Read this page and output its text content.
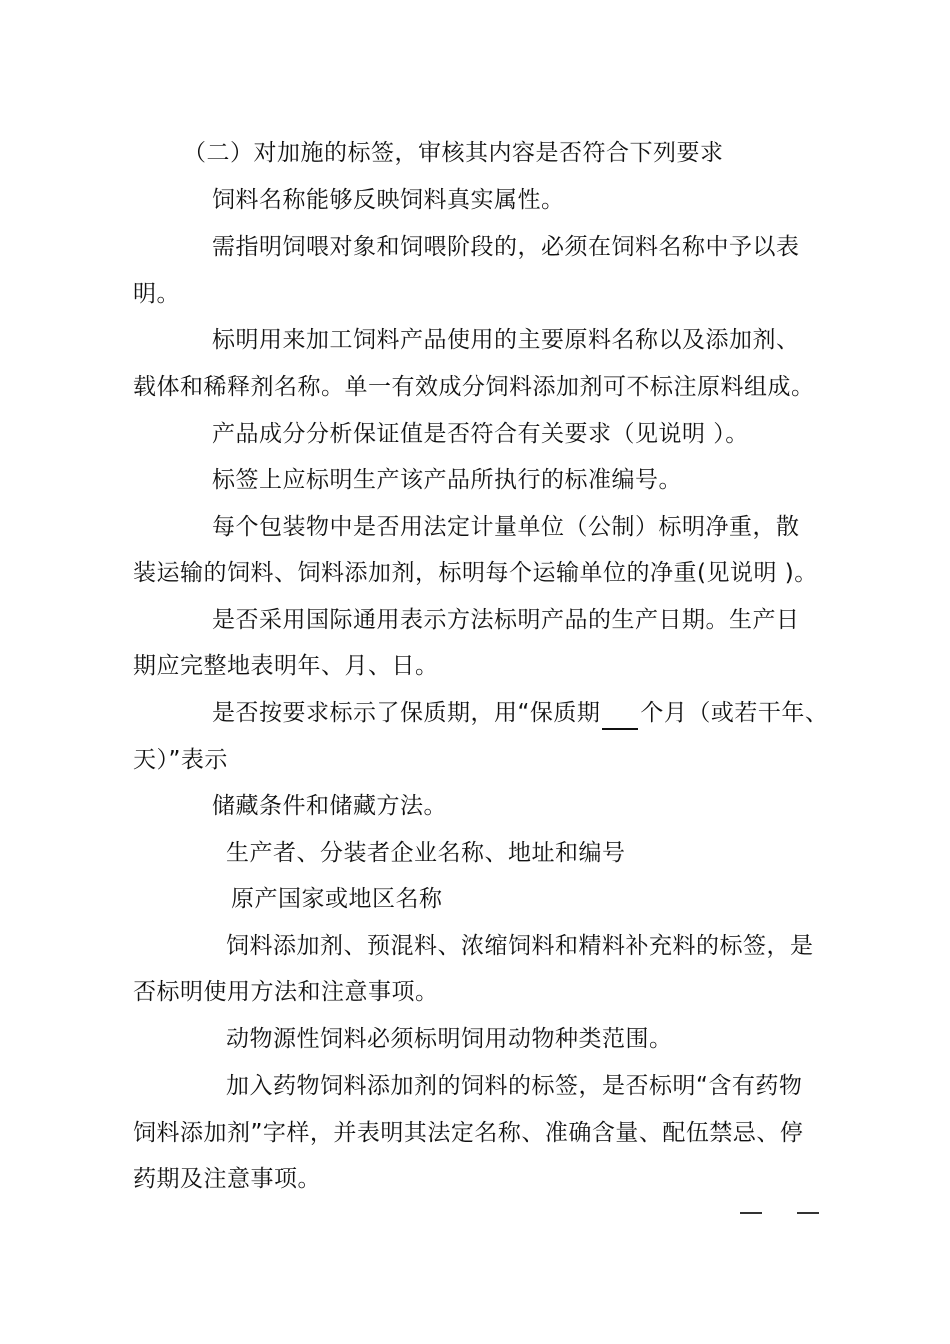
（二）对加施的标签，审核其内容是否符合下列要求
饲料名称能够反映饲料真实属性。
需指明饲喂对象和饲喂阶段的，必须在饲料名称中予以表
明。
标明用来加工饲料产品使用的主要原料名称以及添加剂、
载体和稀释剂名称。单一有效成分饲料添加剂可不标注原料组成。
产品成分分析保证值是否符合有关要求（见说明 ）。
标签上应标明生产该产品所执行的标准编号。
每个包装物中是否用法定计量单位（公制）标明净重，散
装运输的饲料、饲料添加剂，标明每个运输单位的净重(见说明 )。
是否采用国际通用表示方法标明产品的生产日期。生产日
期应完整地表明年、月、日。
是否按要求标示了保质期，用“保质期 个月（或若干年、
天）”表示
储藏条件和储藏方法。
生产者、分装者企业名称、地址和编号
原产国家或地区名称
饲料添加剂、预混料、浓缩饲料和精料补充料的标签，是
否标明使用方法和注意事项。
动物源性饲料必须标明饲用动物种类范围。
加入药物饲料添加剂的饲料的标签，是否标明“含有药物
饲料添加剂”字样，并表明其法定名称、准确含量、配伍禁忌、停
药期及注意事项。
